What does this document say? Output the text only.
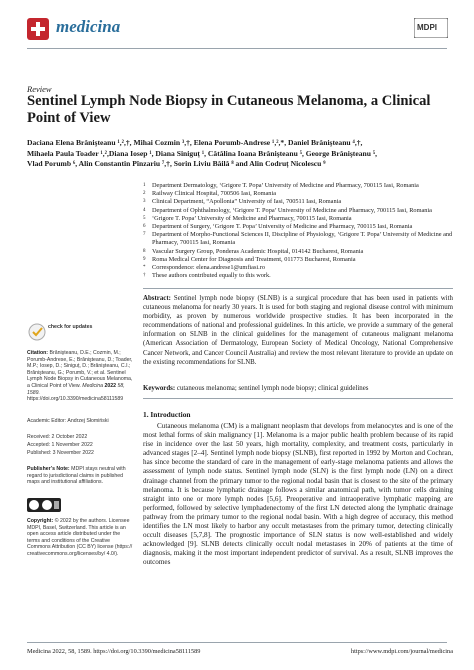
medicina	MDPI
Review
Sentinel Lymph Node Biopsy in Cutaneous Melanoma, a Clinical Point of View
Daciana Elena Brănişteanu ¹,²,†, Mihai Cozmin ³,†, Elena Porumb-Andrese ¹,²,*, Daniel Brănişteanu ⁴,†,
Mihaela Paula Toader ¹,²,Diana Iosep ¹, Diana Siniguț ¹, Cătălina Ioana Brănişteanu ⁵, George Brănişteanu ⁵,
Vlad Porumb ⁶, Alin Constantin Pînzariu ⁷,†, Sorin Liviu Băilă ⁸ and Alin Codruț Nicolescu ⁹
1	Department Dermatology, ‘Grigore T. Popa’ University of Medicine and Pharmacy, 700115 Iasi, Romania
2	Railway Clinical Hospital, 700506 Iasi, Romania
3	Clinical Department, “Apollonia” University of Iasi, 700511 Iasi, Romania
4	Department of Ophthalmology, ‘Grigore T. Popa’ University of Medicine and Pharmacy, 700115 Iasi, Romania
5	‘Grigore T. Popa’ University of Medicine and Pharmacy, 700115 Iasi, Romania
6	Department of Surgery, ‘Grigore T. Popa’ University of Medicine and Pharmacy, 700115 Iasi, Romania
7	Department of Morpho-Functional Sciences II, Discipline of Physiology, ‘Grigore T. Popa’ University of Medicine and Pharmacy, 700115 Iasi, Romania
8	Vascular Surgery Group, Ponderas Academic Hospital, 014142 Bucharest, Romania
9	Roma Medical Center for Diagnosis and Treatment, 011773 Bucharest, Romania
*	Correspondence: elena.andrese1@umfiasi.ro
†	These authors contributed equally to this work.
check for updates
Citation: Brănişteanu, D.E.; Cozmin, M.; Porumb-Andrese, E.; Brănişteanu, D.; Toader, M.P.; Iosep, D.; Siniguț, D.; Brănişteanu, C.I.; Brănişteanu, G.; Porumb, V.; et al. Sentinel Lymph Node Biopsy in Cutaneous Melanoma, a Clinical Point of View. Medicina 2022 58, 1589. https://doi.org/10.3390/medicina58111589
Academic Editor: Andrzej Słomiński
Received: 2 October 2022
Accepted: 1 November 2022
Published: 3 November 2022
Publisher’s Note: MDPI stays neutral with regard to jurisdictional claims in published maps and institutional affiliations.
Copyright: © 2022 by the authors. Licensee MDPI, Basel, Switzerland. This article is an open access article distributed under the terms and conditions of the Creative Commons Attribution (CC BY) license (https:// creativecommons.org/licenses/by/ 4.0/).
Abstract: Sentinel lymph node biopsy (SLNB) is a surgical procedure that has been used in patients with cutaneous melanoma for nearly 30 years. It is used for both staging and regional disease control with minimum morbidity, as proven by numerous worldwide prospective studies. It has been incorporated in the recommendations of national and professional guidelines. In this article, we provide a summary of the general information on SLNB in the clinical guidelines for the management of cutaneous malignant melanoma (American Association of Dermatology, European Society of Medical Oncology, National Comprehensive Cancer Network, and Cancer Council Australia) and review the most relevant literature to provide an update on the existing recommendations for SLNB.
Keywords: cutaneous melanoma; sentinel lymph node biopsy; clinical guidelines
1. Introduction
Cutaneous melanoma (CM) is a malignant neoplasm that develops from melanocytes and is one of the most lethal forms of skin malignancy [1]. Melanoma is a major public health problem because of its rapid rise in incidence over the last 50 years, high mortality, complexity, and treatment costs, particularly in advanced stages [2–4]. Sentinel lymph node biopsy (SLNB), first reported in 1992 by Morton and Cochran, has since become the standard of care in the management of early-stage melanoma patients and allows the assessment of lymph node status. Sentinel lymph node (SLN) is the first lymph node (LN) on a direct drainage channel from the primary tumor to the regional nodal basin that is closest to the site of the primary melanoma. It is because lymphatic drainage follows a similar anatomical path, with tumor cells draining straight into one or more lymph nodes [5,6]. Preoperative and intraoperative lymphatic mapping are performed, followed by selective lymphadenectomy of the first LN detected along the lymphatic drainage pathway from the primary tumor to the regional nodal basin. With a high degree of accuracy, this method identifies the LN most likely to harbor any occult metastases from the primary tumor, detecting clinically occult diseases [5,7,8]. The prognostic importance of SLN status is now well-established and widely acknowledged [9]. SLNB detects clinically occult nodal metastases in 20% of patients at the time of diagnosis, making it the most important independent predictor of survival. As a result, SLNB improves the outcomes
Medicina 2022, 58, 1589. https://doi.org/10.3390/medicina58111589	https://www.mdpi.com/journal/medicina
